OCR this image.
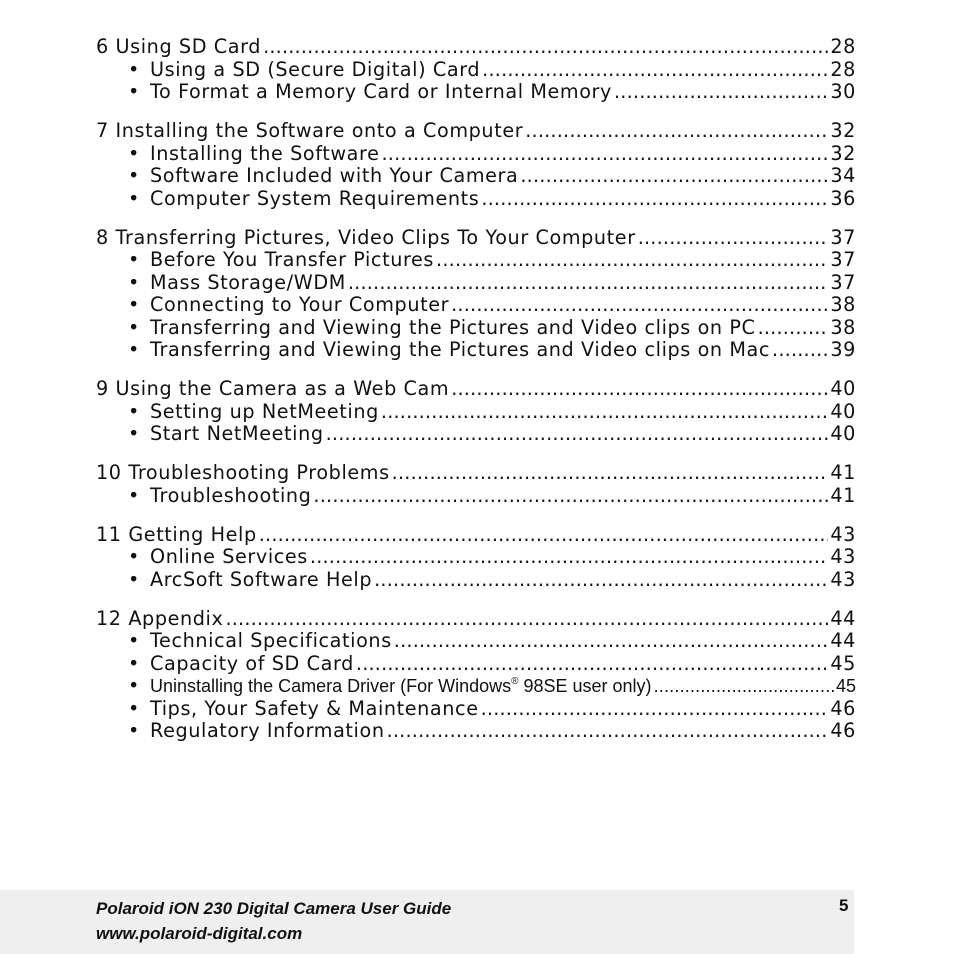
6 Using SD Card .....	28
• Using a SD (Secure Digital) Card .....	28
• To Format a Memory Card or Internal Memory .....	30
7 Installing the Software onto a Computer .....	32
• Installing the Software .....	32
• Software Included with Your Camera .....	34
• Computer System Requirements .....	36
8 Transferring Pictures, Video Clips To Your Computer .....	37
• Before You Transfer Pictures .....	37
• Mass Storage/WDM .....	37
• Connecting to Your Computer .....	38
• Transferring and Viewing the Pictures and Video clips on PC .....	38
• Transferring and Viewing the Pictures and Video clips on Mac .....	39
9 Using the Camera as a Web Cam .....	40
• Setting up NetMeeting .....	40
• Start NetMeeting .....	40
10 Troubleshooting Problems .....	41
• Troubleshooting .....	41
11 Getting Help .....	43
• Online Services .....	43
• ArcSoft Software Help .....	43
12 Appendix .....	44
• Technical Specifications .....	44
• Capacity of SD Card .....	45
• Uninstalling the Camera Driver (For Windows® 98SE user only) .....	45
• Tips, Your Safety & Maintenance .....	46
• Regulatory Information .....	46
Polaroid iON 230 Digital Camera User Guide
www.polaroid-digital.com
5
